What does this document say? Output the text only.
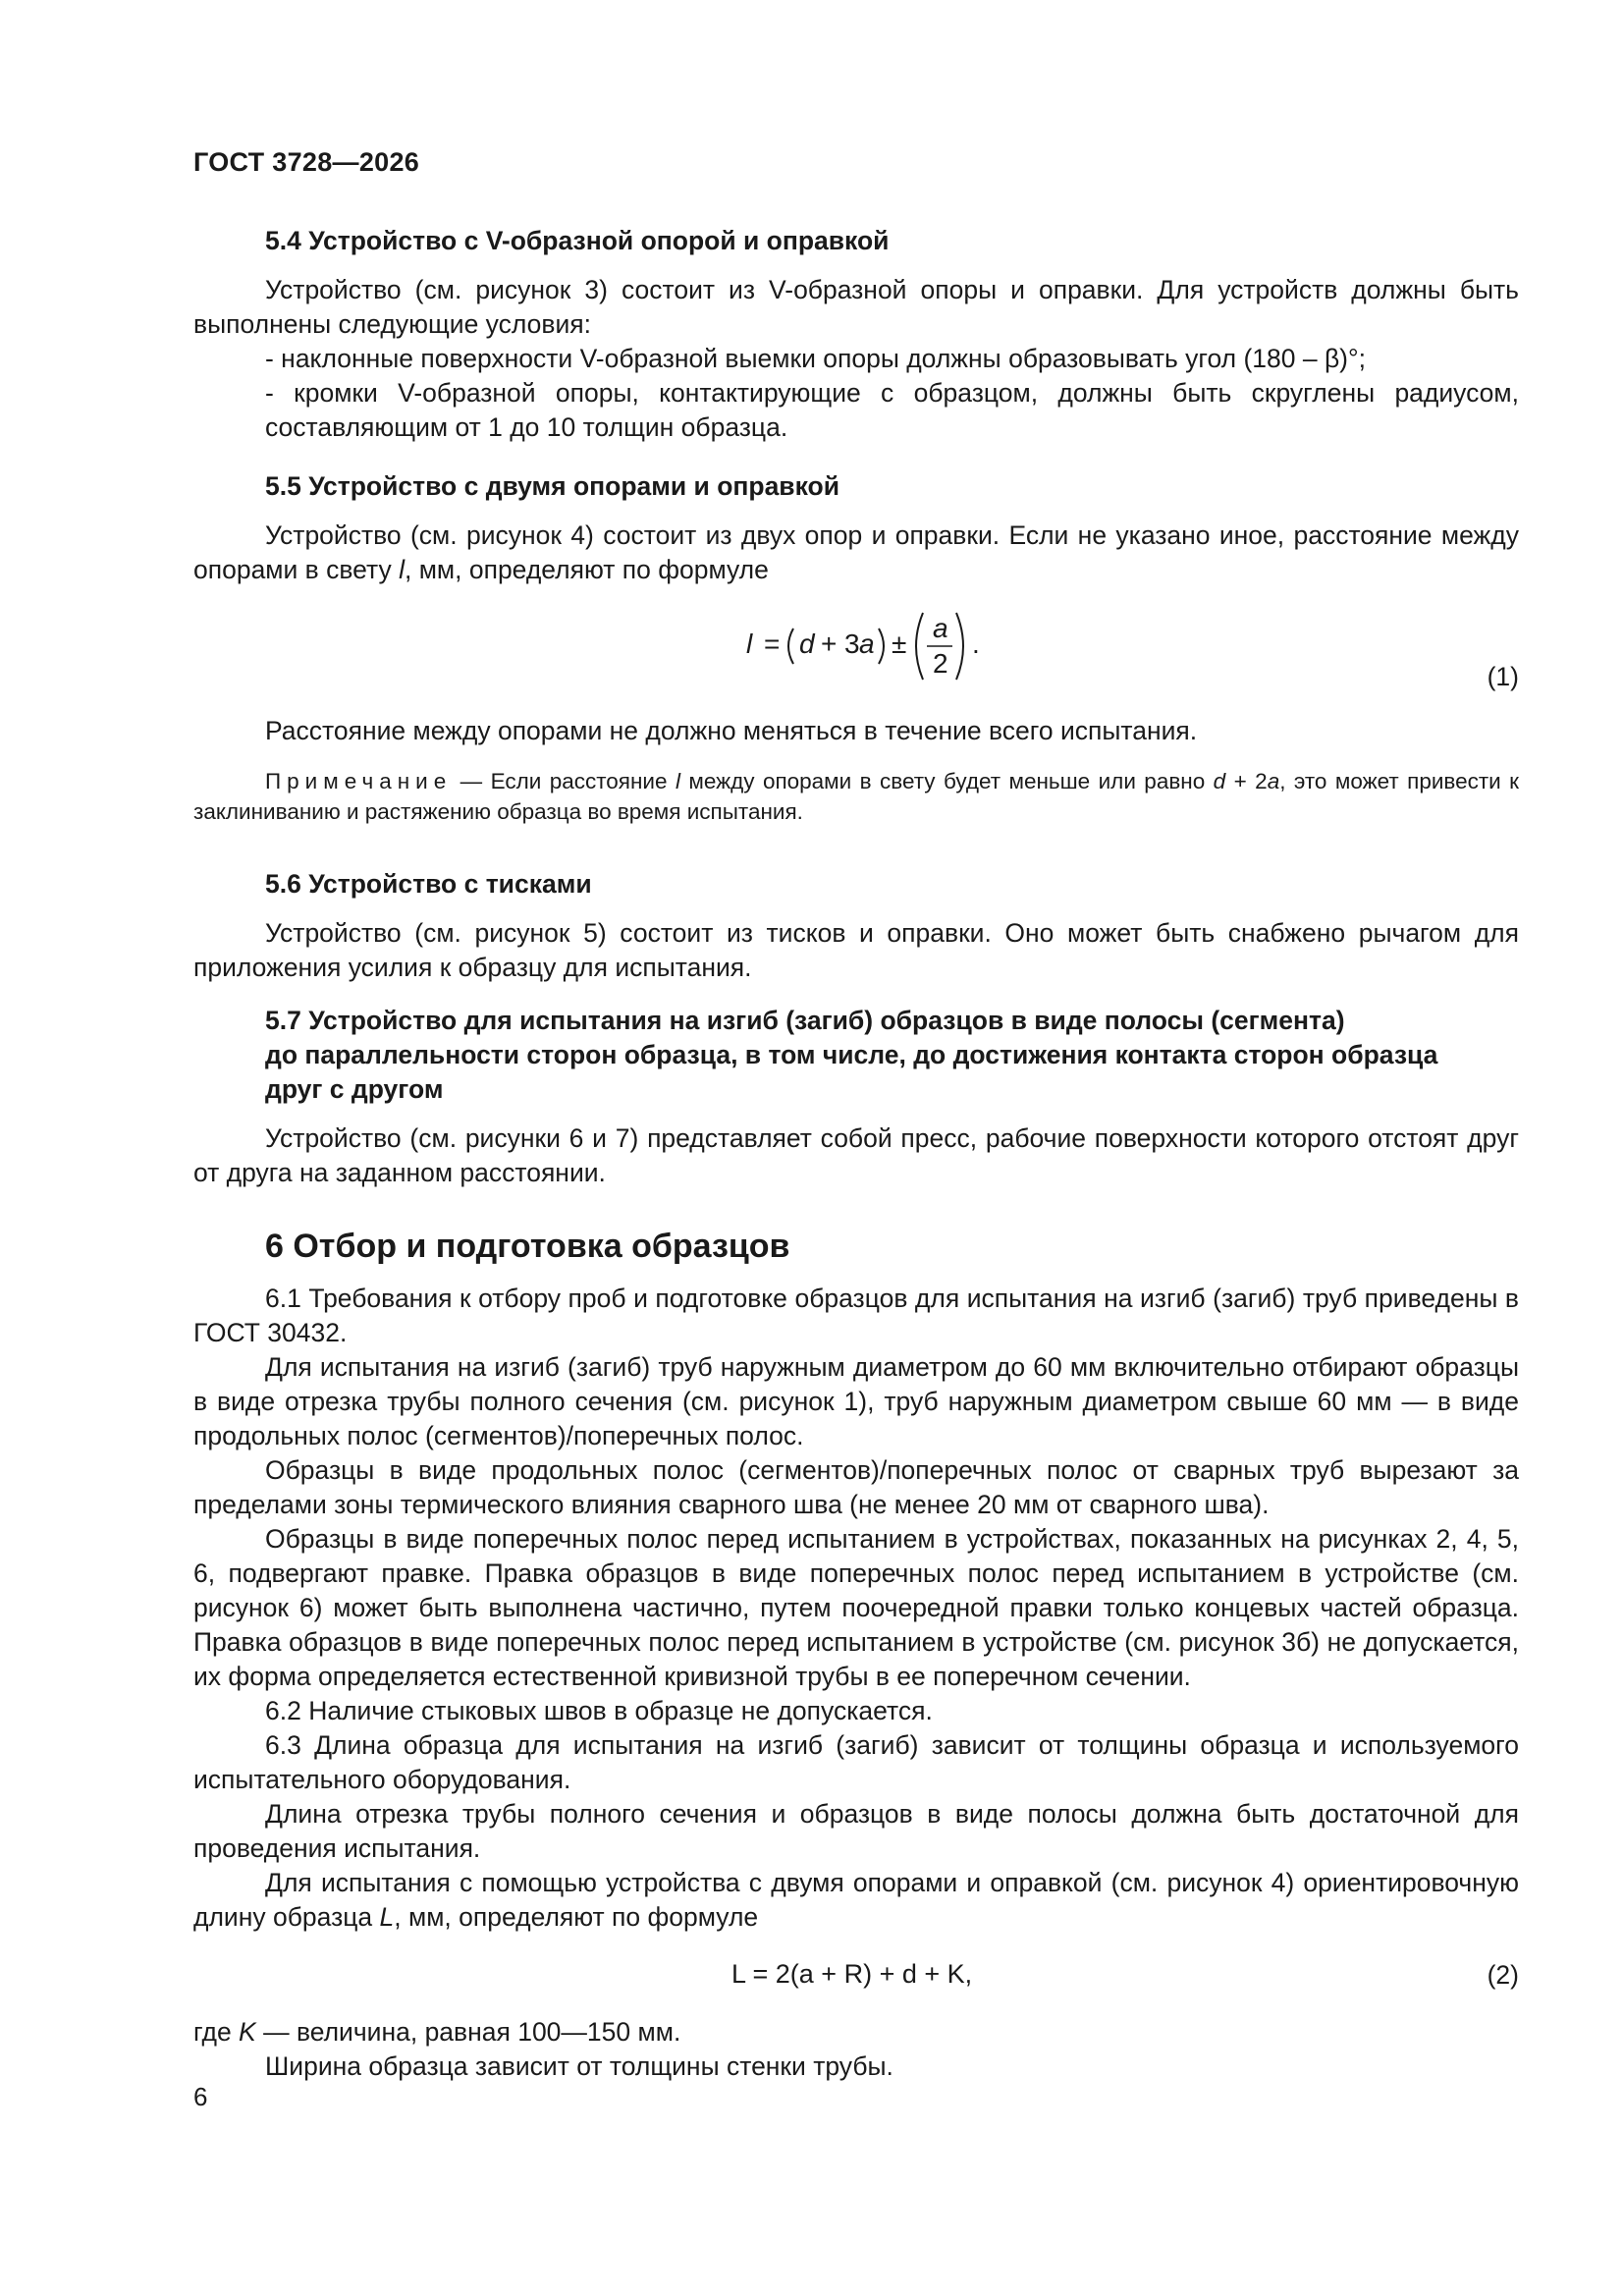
ГОСТ 3728—2026
5.4 Устройство с V-образной опорой и оправкой

Устройство (см. рисунок 3) состоит из V-образной опоры и оправки. Для устройств должны быть выполнены следующие условия:

- наклонные поверхности V-образной выемки опоры должны образовывать угол (180 – β)°;

- кромки V-образной опоры, контактирующие с образцом, должны быть скруглены радиусом, составляющим от 1 до 10 толщин образца.

5.5 Устройство с двумя опорами и оправкой

Устройство (см. рисунок 4) состоит из двух опор и оправки. Если не указано иное, расстояние между опорами в свету l, мм, определяют по формуле

l = d + 3 a ±
a
2
.
(1)

Расстояние между опорами не должно меняться в течение всего испытания.

Примечание — Если расстояние l между опорами в свету будет меньше или равно d + 2a, это может привести к заклиниванию и растяжению образца во время испытания.

5.6 Устройство с тисками

Устройство (см. рисунок 5) состоит из тисков и оправки. Оно может быть снабжено рычагом для приложения усилия к образцу для испытания.

5.7 Устройство для испытания на изгиб (загиб) образцов в виде полосы (сегмента)
до параллельности сторон образца, в том числе, до достижения контакта сторон образца
друг с другом

Устройство (см. рисунки 6 и 7) представляет собой пресс, рабочие поверхности которого отстоят друг от друга на заданном расстоянии.

6 Отбор и подготовка образцов

6.1 Требования к отбору проб и подготовке образцов для испытания на изгиб (загиб) труб приведены в ГОСТ 30432.

Для испытания на изгиб (загиб) труб наружным диаметром до 60 мм включительно отбирают образцы в виде отрезка трубы полного сечения (см. рисунок 1), труб наружным диаметром свыше 60 мм — в виде продольных полос (сегментов)/поперечных полос.

Образцы в виде продольных полос (сегментов)/поперечных полос от сварных труб вырезают за пределами зоны термического влияния сварного шва (не менее 20 мм от сварного шва).

Образцы в виде поперечных полос перед испытанием в устройствах, показанных на рисунках 2, 4, 5, 6, подвергают правке. Правка образцов в виде поперечных полос перед испытанием в устройстве (см. рисунок 6) может быть выполнена частично, путем поочередной правки только концевых частей образца. Правка образцов в виде поперечных полос перед испытанием в устройстве (см. рисунок 3б) не допускается, их форма определяется естественной кривизной трубы в ее поперечном сечении.

6.2 Наличие стыковых швов в образце не допускается.

6.3 Длина образца для испытания на изгиб (загиб) зависит от толщины образца и используемого испытательного оборудования.

Длина отрезка трубы полного сечения и образцов в виде полосы должна быть достаточной для проведения испытания.

Для испытания с помощью устройства с двумя опорами и оправкой (см. рисунок 4) ориентировочную длину образца L, мм, определяют по формуле

L = 2(a + R) + d + K,	(2)

где K — величина, равная 100—150 мм.

Ширина образца зависит от толщины стенки трубы.

6
